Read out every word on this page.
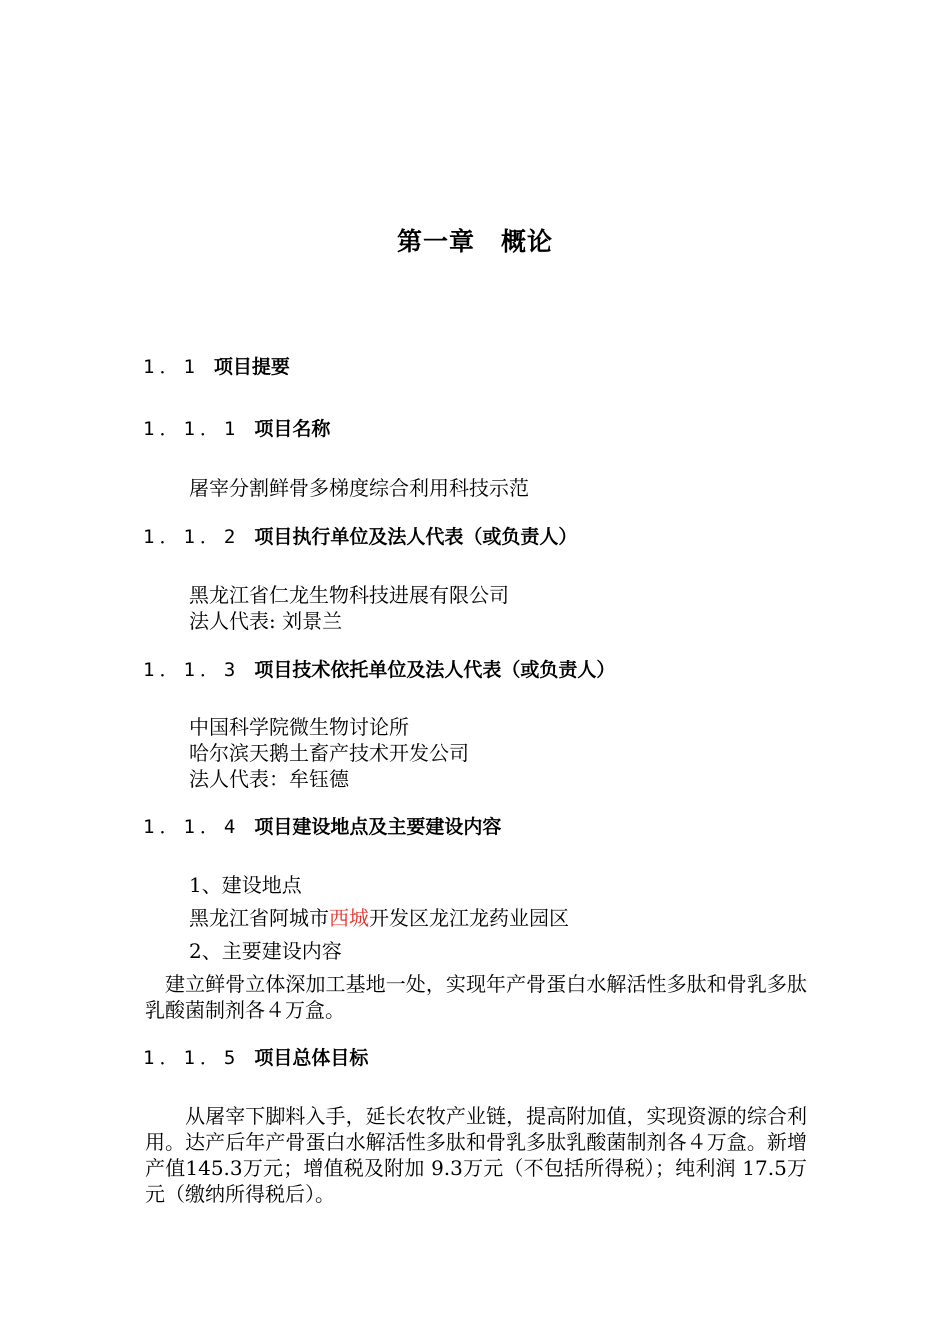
第一章　概论
1．1 项目提要
1．1．1 项目名称
屠宰分割鲜骨多梯度综合利用科技示范
1．1．2 项目执行单位及法人代表（或负责人）
黑龙江省仁龙生物科技进展有限公司
法人代表: 刘景兰
1．1．3 项目技术依托单位及法人代表（或负责人）
中国科学院微生物讨论所
哈尔滨天鹅土畜产技术开发公司
法人代表：牟钰德
1．1．4 项目建设地点及主要建设内容
1、建设地点
黑龙江省阿城市西城开发区龙江龙药业园区
2、主要建设内容
　建立鲜骨立体深加工基地一处，实现年产骨蛋白水解活性多肽和骨乳多肽乳酸菌制剂各４万盒。
1．1．5 项目总体目标
　　从屠宰下脚料入手，延长农牧产业链，提高附加值，实现资源的综合利用。达产后年产骨蛋白水解活性多肽和骨乳多肽乳酸菌制剂各４万盒。新增产值145.3万元；增值税及附加 9.3万元（不包括所得税）；纯利润 17.5万元（缴纳所得税后）。
